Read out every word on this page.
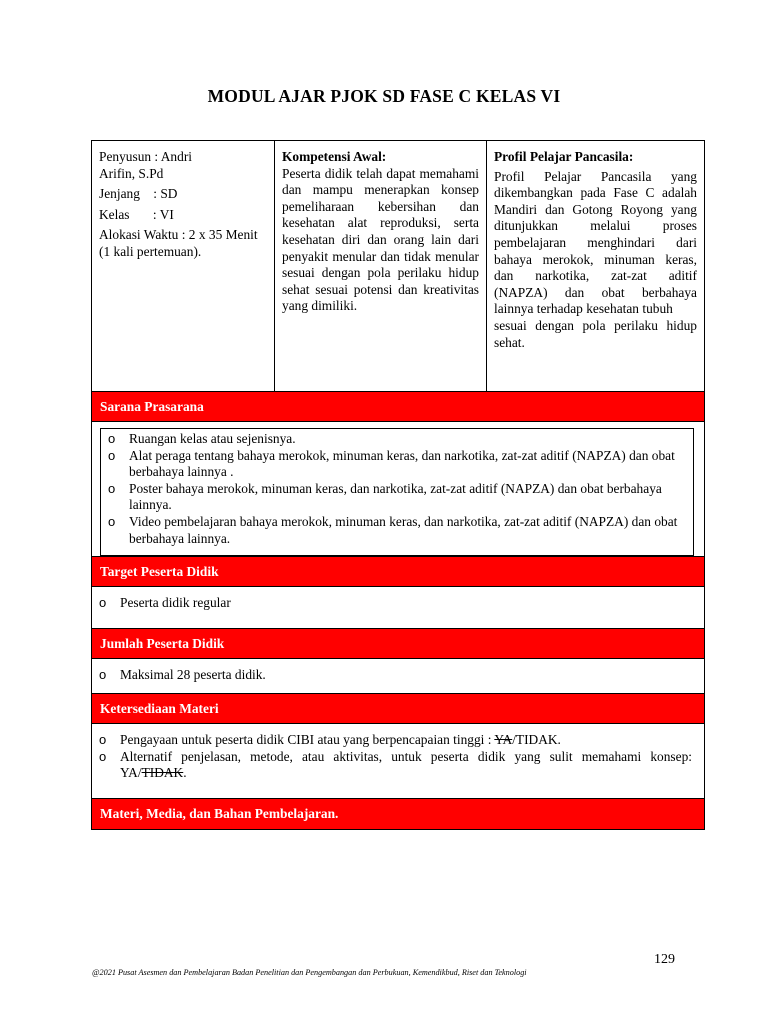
MODUL AJAR PJOK SD FASE C KELAS VI

Penyusun : Andri

Arifin, S.Pd

Jenjang    : SD

Kelas       : VI

Alokasi Waktu : 2 x 35 Menit (1 kali pertemuan).

Kompetensi Awal:

Peserta didik telah dapat memahami dan mampu menerapkan konsep pemeliharaan kebersihan dan kesehatan alat reproduksi, serta kesehatan diri dan orang lain dari penyakit menular dan tidak menular sesuai dengan pola perilaku hidup sehat sesuai potensi dan kreativitas yang dimiliki.

Profil Pelajar Pancasila:

Profil Pelajar Pancasila yang dikembangkan pada Fase C adalah Mandiri dan Gotong Royong yang ditunjukkan melalui proses pembelajaran menghindari dari bahaya merokok, minuman keras, dan narkotika, zat-zat aditif (NAPZA) dan obat berbahaya lainnya terhadap kesehatan tubuh

sesuai dengan pola perilaku hidup sehat.

Sarana Prasarana
o Ruangan kelas atau sejenisnya.
o Alat peraga tentang bahaya merokok, minuman keras, dan narkotika, zat-zat aditif (NAPZA) dan obat berbahaya lainnya .
o Poster bahaya merokok, minuman keras, dan narkotika, zat-zat aditif (NAPZA) dan obat berbahaya lainnya.
o Video pembelajaran bahaya merokok, minuman keras, dan narkotika, zat-zat aditif (NAPZA) dan obat berbahaya lainnya.
Target Peserta Didik
o Peserta didik regular
Jumlah Peserta Didik
o Maksimal 28 peserta didik.
Ketersediaan Materi
o Pengayaan untuk peserta didik CIBI atau yang berpencapaian tinggi : YA/TIDAK.
o Alternatif penjelasan, metode, atau aktivitas, untuk peserta didik yang sulit memahami konsep: YA/TIDAK.
Materi, Media, dan Bahan Pembelajaran.
129
@2021 Pusat Asesmen dan Pembelajaran Badan Penelitian dan Pengembangan dan Perbukuan, Kemendikbud, Riset dan Teknologi
